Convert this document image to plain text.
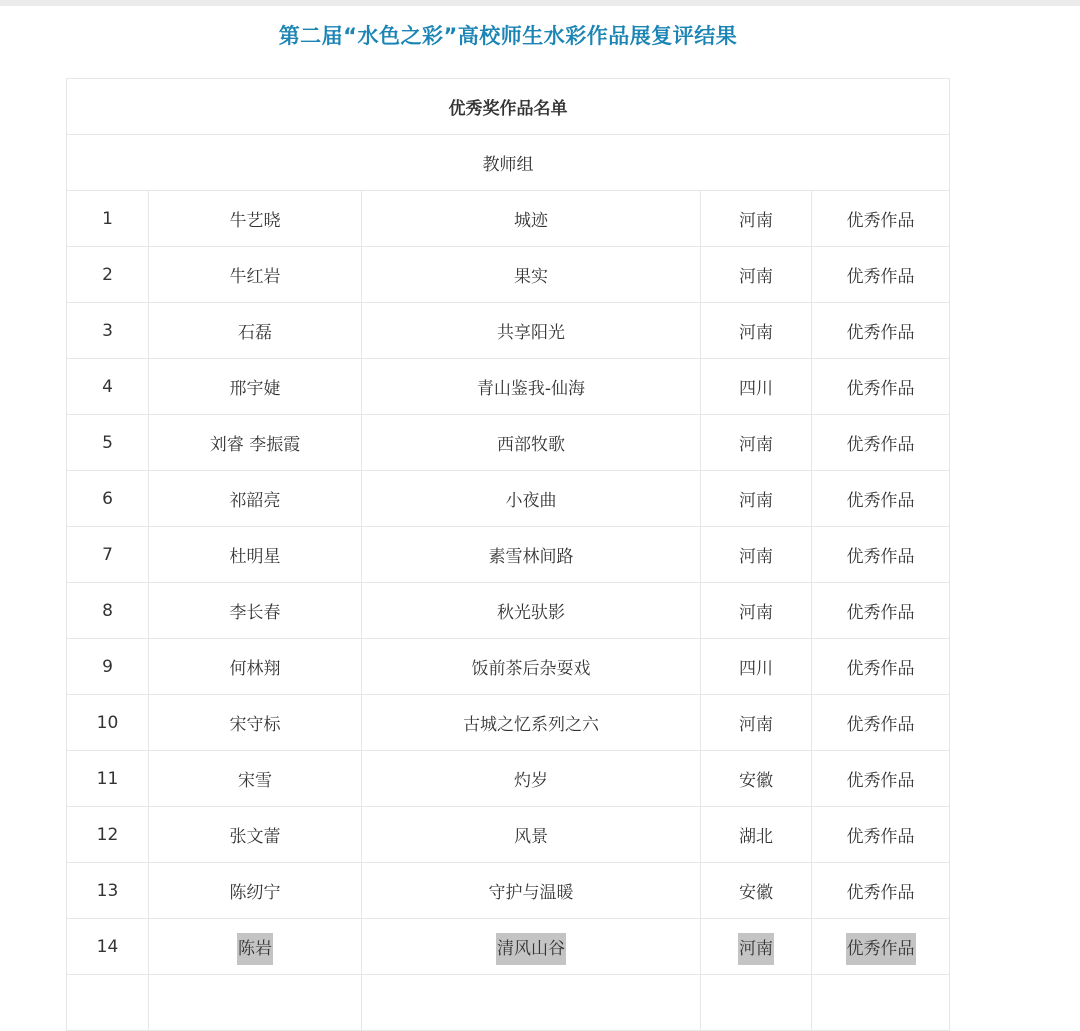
第二届“水色之彩”高校师生水彩作品展复评结果
优秀奖作品名单				
教师组				
1	牛艺晓	城迹	河南	优秀作品
2	牛红岩	果实	河南	优秀作品
3	石磊	共享阳光	河南	优秀作品
4	邢宇婕	青山鉴我-仙海	四川	优秀作品
5	刘睿 李振霞	西部牧歌	河南	优秀作品
6	祁韶亮	小夜曲	河南	优秀作品
7	杜明星	素雪林间路	河南	优秀作品
8	李长春	秋光驮影	河南	优秀作品
9	何林翔	饭前茶后杂耍戏	四川	优秀作品
10	宋守标	古城之忆系列之六	河南	优秀作品
11	宋雪	灼岁	安徽	优秀作品
12	张文蕾	风景	湖北	优秀作品
13	陈纫宁	守护与温暖	安徽	优秀作品
14	陈岩	清风山谷	河南	优秀作品
